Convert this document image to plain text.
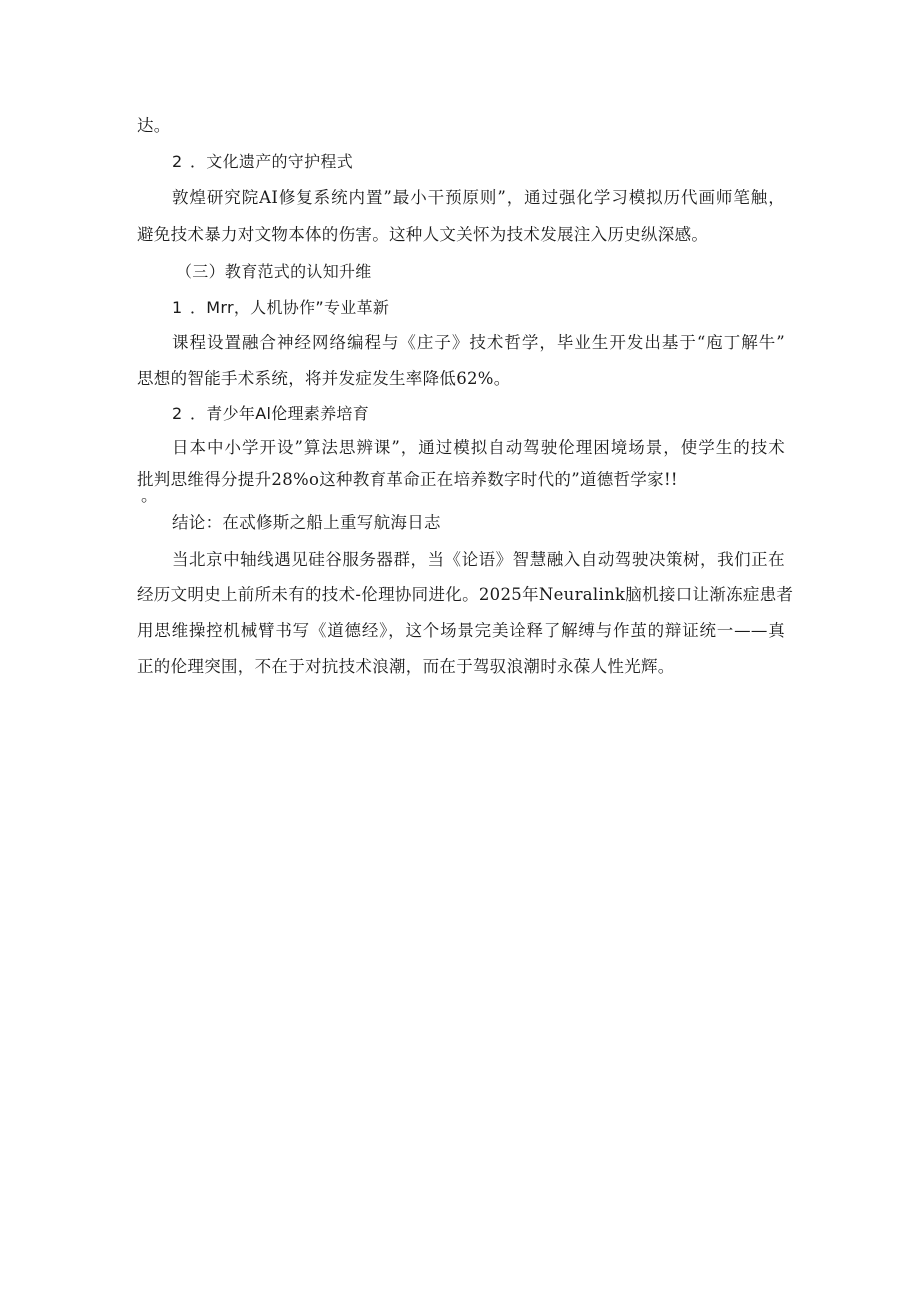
达。
2 ．文化遗产的守护程式
敦煌研究院AI修复系统内置”最小干预原则”，通过强化学习模拟历代画师笔触，
避免技术暴力对文物本体的伤害。这种人文关怀为技术发展注入历史纵深感。
（三）教育范式的认知升维
1 ．Mrr，人机协作”专业革新
课程设置融合神经网络编程与《庄子》技术哲学，毕业生开发出基于“庖丁解牛”
思想的智能手术系统，将并发症发生率降低62%。
2 ．青少年Al伦理素养培育
日本中小学开设”算法思辨课”，通过模拟自动驾驶伦理困境场景，使学生的技术
批判思维得分提升28%o这种教育革命正在培养数字时代的”道德哲学家!!
。
结论：在忒修斯之船上重写航海日志
当北京中轴线遇见硅谷服务器群，当《论语》智慧融入自动驾驶决策树，我们正在
经历文明史上前所未有的技术-伦理协同进化。2025年Neuralink脑机接口让渐冻症患者
用思维操控机械臂书写《道德经》，这个场景完美诠释了解缚与作茧的辩证统一——真
正的伦理突围，不在于对抗技术浪潮，而在于驾驭浪潮时永葆人性光辉。
